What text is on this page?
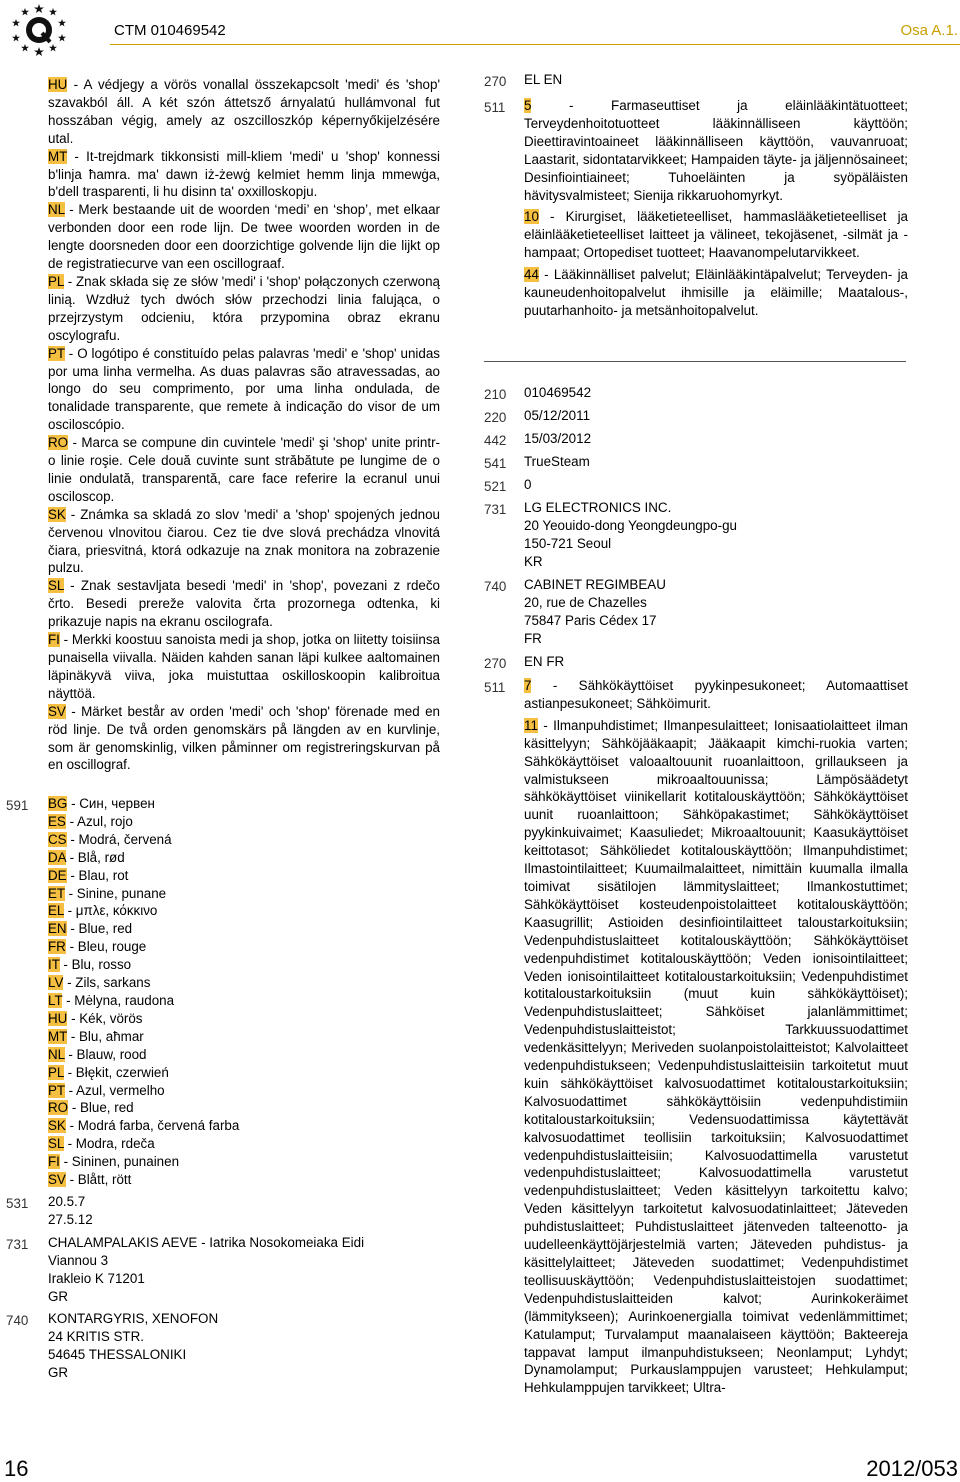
CTM 010469542	Osa A.1.

HU - A védjegy a vörös vonallal összekapcsolt 'medi' és 'shop' szavakból áll. A két szón áttetsző árnyalatú hullámvonal fut hosszában végig, amely az oszcilloszkóp képernyőkijelzésére utal.

MT - It-trejdmark tikkonsisti mill-kliem 'medi' u 'shop' konnessi b'linja ħamra. ma' dawn iż-żewġ kelmiet hemm linja mmewġa, b'dell trasparenti, li hu disinn ta' oxxilloskopju.

NL - Merk bestaande uit de woorden ‘medi’ en ‘shop’, met elkaar verbonden door een rode lijn. De twee woorden worden in de lengte doorsneden door een doorzichtige golvende lijn die lijkt op de registratiecurve van een oscillograaf.

PL - Znak składa się ze słów 'medi' i 'shop' połączonych czerwoną linią. Wzdłuż tych dwóch słów przechodzi linia falująca, o przejrzystym odcieniu, która przypomina obraz ekranu oscylografu.

PT - O logótipo é constituído pelas palavras 'medi' e 'shop' unidas por uma linha vermelha. As duas palavras são atravessadas, ao longo do seu comprimento, por uma linha ondulada, de tonalidade transparente, que remete à indicação do visor de um osciloscópio.

RO - Marca se compune din cuvintele 'medi' şi 'shop' unite printr-o linie roşie. Cele două cuvinte sunt străbătute pe lungime de o linie ondulată, transparentă, care face referire la ecranul unui osciloscop.

SK - Známka sa skladá zo slov 'medi' a 'shop' spojených jednou červenou vlnovitou čiarou. Cez tie dve slová prechádza vlnovitá čiara, priesvitná, ktorá odkazuje na znak monitora na zobrazenie pulzu.

SL - Znak sestavljata besedi 'medi' in 'shop', povezani z rdečo črto. Besedi prereže valovita črta prozornega odtenka, ki prikazuje napis na ekranu oscilografa.

FI - Merkki koostuu sanoista medi ja shop, jotka on liitetty toisiinsa punaisella viivalla. Näiden kahden sanan läpi kulkee aaltomainen läpinäkyvä viiva, joka muistuttaa oskilloskoopin kalibroitua näyttöä.

SV - Märket består av orden 'medi' och 'shop' förenade med en röd linje. De två orden genomskärs på längden av en kurvlinje, som är genomskinlig, vilken påminner om registreringskurvan på en oscillograf.

591 BG - Син, червен
ES - Azul, rojo
CS - Modrá, červená
DA - Blå, rød
DE - Blau, rot
ET - Sinine, punane
EL - μπλε, κόκκινο
EN - Blue, red
FR - Bleu, rouge
IT - Blu, rosso
LV - Zils, sarkans
LT - Mėlyna, raudona
HU - Kék, vörös
MT - Blu, aħmar
NL - Blauw, rood
PL - Błękit, czerwień
PT - Azul, vermelho
RO - Blue, red
SK - Modrá farba, červená farba
SL - Modra, rdeča
FI - Sininen, punainen
SV - Blått, rött
531 20.5.7
27.5.12
731 CHALAMPALAKIS AEVE - Iatrika Nosokomeiaka Eidi
Viannou 3
Irakleio K 71201
GR
740 KONTARGYRIS, XENOFON
24 KRITIS STR.
54645 THESSALONIKI
GR
270 EL EN
511 5 - Farmaseuttiset ja eläinlääkintätuotteet; Terveydenhoitotuotteet lääkinnälliseen käyttöön; Dieettiravintoaineet lääkinnälliseen käyttöön, vauvanruoat; Laastarit, sidontatarvikkeet; Hampaiden täyte- ja jäljennösaineet; Desinfiointiaineet; Tuhoeläinten ja syöpäläisten hävitysvalmisteet; Sienija rikkaruohomyrkyt.

10 - Kirurgiset, lääketieteelliset, hammaslääketieteelliset ja eläinlääketieteelliset laitteet ja välineet, tekojäsenet, -silmät ja -hampaat; Ortopediset tuotteet; Haavanompelutarvikkeet.

44 - Lääkinnälliset palvelut; Eläinlääkintäpalvelut; Terveyden- ja kauneudenhoitopalvelut ihmisille ja eläimille; Maatalous-, puutarhanhoito- ja metsänhoitopalvelut.

210 010469542
220 05/12/2011
442 15/03/2012
541 TrueSteam
521 0
731 LG ELECTRONICS INC.
20 Yeouido-dong Yeongdeungpo-gu
150-721 Seoul
KR
740 CABINET REGIMBEAU
20, rue de Chazelles
75847 Paris Cédex 17
FR
270 EN FR
511 7 - Sähkökäyttöiset pyykinpesukoneet; Automaattiset astianpesukoneet; Sähköimurit.

11 - Ilmanpuhdistimet; Ilmanpesulaitteet; Ionisaatiolaitteet ilman käsittelyyn; Sähköjääkaapit; Jääkaapit kimchi-ruokia varten; Sähkökäyttöiset valoaaltouunit ruoanlaittoon, grillaukseen ja valmistukseen mikroaaltouunissa; Lämpösäädetyt sähkökäyttöiset viinikellarit kotitalouskäyttöön; Sähkökäyttöiset uunit ruoanlaittoon; Sähköpakastimet; Sähkökäyttöiset pyykinkuivaimet; Kaasuliedet; Mikroaaltouunit; Kaasukäyttöiset keittotasot; Sähköliedet kotitalouskäyttöön; Ilmanpuhdistimet; Ilmastointilaitteet; Kuumailmalaitteet, nimittäin kuumalla ilmalla toimivat sisätilojen lämmityslaitteet; Ilmankostuttimet; Sähkökäyttöiset kosteudenpoistolaitteet kotitalouskäyttöön; Kaasugrillit; Astioiden desinfiointilaitteet taloustarkoituksiin; Vedenpuhdistuslaitteet kotitalouskäyttöön; Sähkökäyttöiset vedenpuhdistimet kotitalouskäyttöön; Veden ionisointilaitteet; Veden ionisointilaitteet kotitaloustarkoituksiin; Vedenpuhdistimet kotitaloustarkoituksiin (muut kuin sähkökäyttöiset); Vedenpuhdistuslaitteet; Sähköiset jalanlämmittimet; Vedenpuhdistuslaitteistot; Tarkkuussuodattimet vedenkäsittelyyn; Meriveden suolanpoistolaitteistot; Kalvolaitteet vedenpuhdistukseen; Vedenpuhdistuslaitteisiin tarkoitetut muut kuin sähkökäyttöiset kalvosuodattimet kotitaloustarkoituksiin; Kalvosuodattimet sähkökäyttöisiin vedenpuhdistimiin kotitaloustarkoituksiin; Vedensuodattimissa käytettävät kalvosuodattimet teollisiin tarkoituksiin; Kalvosuodattimet vedenpuhdistuslaitteisiin; Kalvosuodattimella varustetut vedenpuhdistuslaitteet; Kalvosuodattimella varustetut vedenpuhdistuslaitteet; Veden käsittelyyn tarkoitettu kalvo; Veden käsittelyyn tarkoitetut kalvosuodatinlaitteet; Jäteveden puhdistuslaitteet; Puhdistuslaitteet jätenveden talteenotto- ja uudelleenkäyttöjärjestelmiä varten; Jäteveden puhdistus- ja käsittelylaitteet; Jäteveden suodattimet; Vedenpuhdistimet teollisuuskäyttöön; Vedenpuhdistuslaitteistojen suodattimet; Vedenpuhdistuslaitteiden kalvot; Aurinkokeräimet (lämmitykseen); Aurinkoenergialla toimivat vedenlämmittimet; Katulamput; Turvalamput maanalaiseen käyttöön; Bakteereja tappavat lamput ilmanpuhdistukseen; Neonlamput; Lyhdyt; Dynamolamput; Purkauslamppujen varusteet; Hehkulamput; Hehkulamppujen tarvikkeet; Ultra-

16	2012/053
